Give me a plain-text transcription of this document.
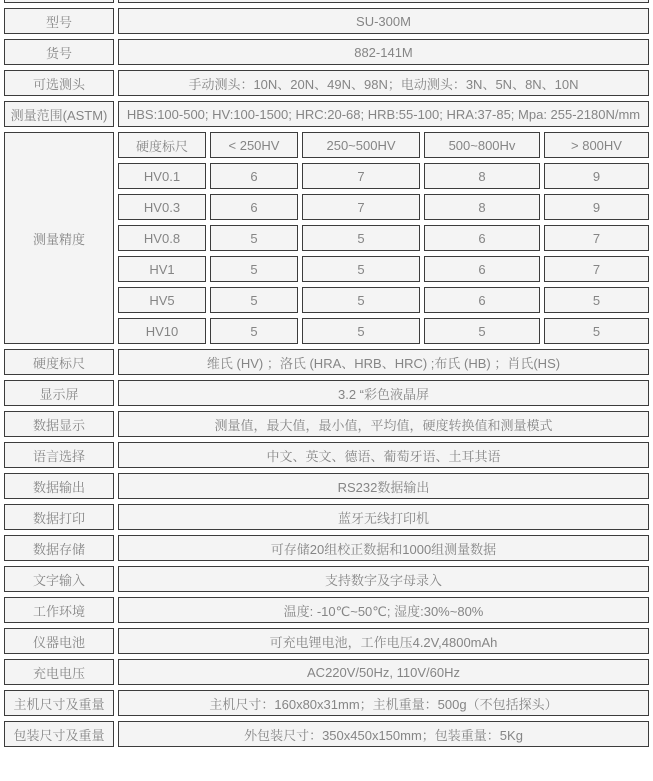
型号	SU-300M				
货号	882-141M				
可选测头	手动测头：10N、20N、49N、98N；电动测头：3N、5N、8N、10N				
测量范围(ASTM)	HBS:100-500; HV:100-1500; HRC:20-68; HRB:55-100; HRA:37-85; Mpa: 255-2180N/mm				
测量精度	硬度标尺	< 250HV	250~500HV	500~800Hv	> 800HV
	HV0.1	6	7	8	9
	HV0.3	6	7	8	9
	HV0.8	5	5	6	7
	HV1	5	5	6	7
	HV5	5	5	6	5
	HV10	5	5	5	5
硬度标尺	维氏 (HV) ；洛氏 (HRA、HRB、HRC) ;布氏 (HB) ；肖氏(HS)				
显示屏	3.2 “彩色液晶屏				
数据显示	测量值，最大值，最小值，平均值，硬度转换值和测量模式				
语言选择	中文、英文、德语、葡萄牙语、土耳其语				
数据输出	RS232数据输出				
数据打印	蓝牙无线打印机				
数据存储	可存储20组校正数据和1000组测量数据				
文字输入	支持数字及字母录入				
工作环境	温度: -10℃~50℃; 湿度:30%~80%				
仪器电池	可充电锂电池，工作电压4.2V,4800mAh				
充电电压	AC220V/50Hz, 110V/60Hz				
主机尺寸及重量	主机尺寸：160x80x31mm；主机重量：500g（不包括探头）				
包装尺寸及重量	外包装尺寸：350x450x150mm；包装重量：5Kg				
